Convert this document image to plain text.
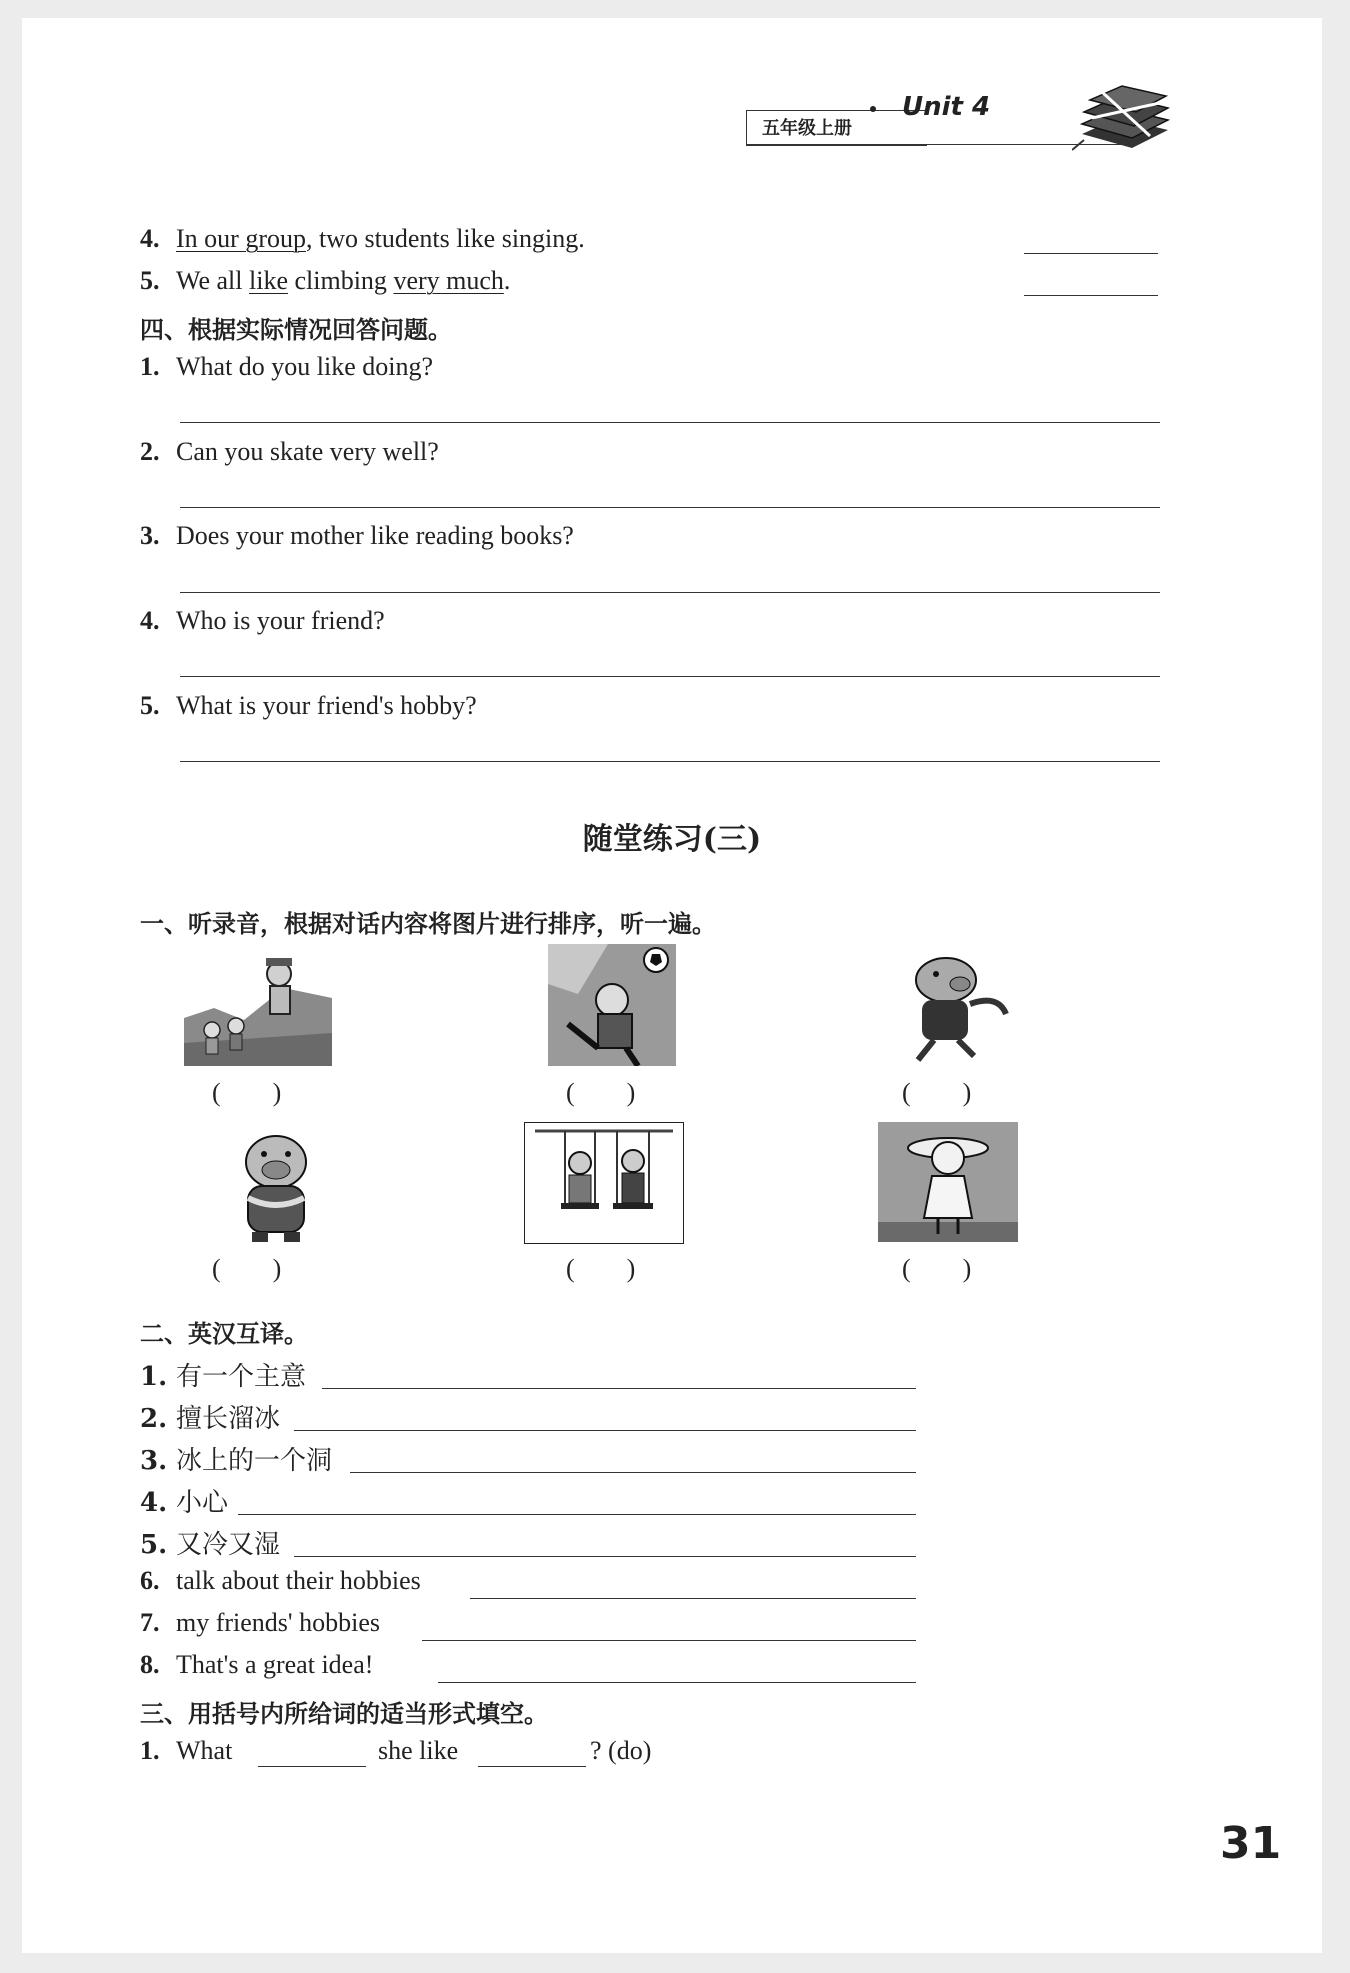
五年级上册
Unit 4
4. In our group, two students like singing.
5. We all like climbing very much.
四、根据实际情况回答问题。
1. What do you like doing?
2. Can you skate very well?
3. Does your mother like reading books?
4. Who is your friend?
5. What is your friend's hobby?
随堂练习(三)
一、听录音，根据对话内容将图片进行排序，听一遍。
(　　)	(　　)	(　　)
(　　)	(　　)	(　　)
二、英汉互译。
1. 有一个主意
2. 擅长溜冰
3. 冰上的一个洞
4. 小心
5. 又冷又湿
6. talk about their hobbies
7. my friends' hobbies
8. That's a great idea!
三、用括号内所给词的适当形式填空。
1. What	she like	? (do)
31
